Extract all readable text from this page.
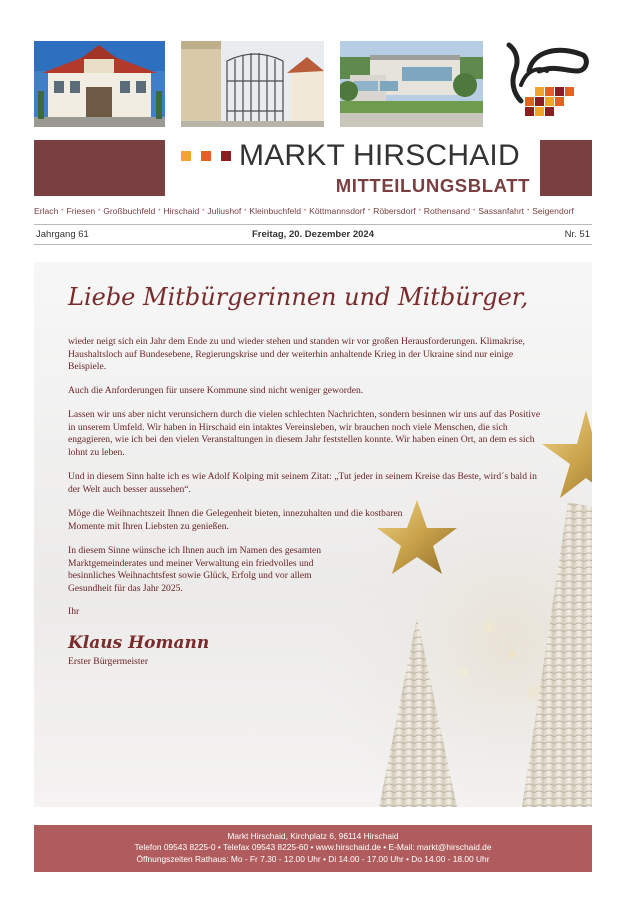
MARKT HIRSCHAID
MITTEILUNGSBLATT
Erlach • Friesen • Großbuchfeld • Hirschaid • Juliushof • Kleinbuchfeld • Köttmannsdorf • Röbersdorf • Rothensand • Sassanfahrt • Seigendorf
Jahrgang 61	Freitag, 20. Dezember 2024	Nr. 51
Liebe Mitbürgerinnen und Mitbürger,

wieder neigt sich ein Jahr dem Ende zu und wieder stehen und standen wir vor großen Herausforderungen. Klimakrise, Haushaltsloch auf Bundesebene, Regierungskrise und der weiterhin anhaltende Krieg in der Ukraine sind nur einige Beispiele.

Auch die Anforderungen für unsere Kommune sind nicht weniger geworden.

Lassen wir uns aber nicht verunsichern durch die vielen schlechten Nachrichten, sondern besinnen wir uns auf das Positive in unserem Umfeld. Wir haben in Hirschaid ein intaktes Vereinsleben, wir brauchen noch viele Menschen, die sich engagieren, wie ich bei den vielen Veranstaltungen in diesem Jahr feststellen konnte. Wir haben einen Ort, an dem es sich lohnt zu leben.

Und in diesem Sinn halte ich es wie Adolf Kolping mit seinem Zitat: „Tut jeder in seinem Kreise das Beste, wird´s bald in der Welt auch besser aussehen“.

Möge die Weihnachtszeit Ihnen die Gelegenheit bieten, innezuhalten und die kostbaren Momente mit Ihren Liebsten zu genießen.

In diesem Sinne wünsche ich Ihnen auch im Namen des gesamten Marktgemeinderates und meiner Verwaltung ein friedvolles und besinnliches Weihnachtsfest sowie Glück, Erfolg und vor allem Gesundheit für das Jahr 2025.

Ihr

Klaus Homann
Erster Bürgermeister
Markt Hirschaid, Kirchplatz 6, 96114 Hirschaid
Telefon 09543 8225-0 • Telefax 09543 8225-60 • www.hirschaid.de • E-Mail: markt@hirschaid.de
Öffnungszeiten Rathaus: Mo - Fr 7.30 - 12.00 Uhr • Di 14.00 - 17.00 Uhr • Do 14.00 - 18.00 Uhr
